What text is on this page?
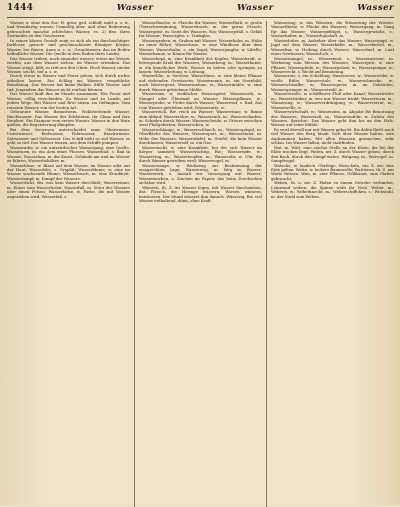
1444	Wasser	Wasser	Wasser

Wasser u. ohne den Zus. H. grün, geil, schlaff, matt u. s. w., und fremdartig wasser. Unmaßig aber, und ohne Bedeutung gebrauchen manche schlechtes Wasser, es. 2) Bez. ihres Zustandes an den Gewässern.

In seiner klaren Gestalt zeigt es sich als ein durchsichtiger, farbloser, geruch- und geschmackloser flüssiger Körper. Wasser, bei Rasen, Auen u. s. w.; Grundwasser, das im Boden befindliche Wasser. Die Quelle in dem Boden ihres Laufes.

Das Wasser trüben, nach einander wasser; etwas ins Wasser werfen, aus dem Wasser ziehen, im Wasser ertrinken. Das Wasser steigt, fällt; es tritt aus den Ufern. Hoch Wasser, nieder Wasser, seicht, tief u. s. w.

Durch etwas in Wasser und Feuer gehen, sich durch nichts abhalten lassen. Ein Schlag ins Wasser, vergebliche Bemühung. Das Wasser hat keine Balken. Stille Wasser sind tief. Jemandem das Wasser nicht reichen können.

Das Wasser läuft ihm im Munde zusammen. Wie Feuer und Wasser, völlig verschieden. Zu Wasser und zu Lande, auf jedem Wege. Bei Wasser und Brot sitzen, im Gefängnis. Vom reinsten Wasser, von der besten Art.

Gebrannte Wasser, Branntwein. Wohlriechende Wasser, Riechwasser. Das Wasser der Edelsteine, ihr Glanz und ihre Reinheit. Ein Diamant vom ersten Wasser. Wasser in den Wein gießen, die Begeisterung dämpfen.

Bei dem Seewesen unterscheidet man: Oberwasser, Unterwasser, Kielwasser, Fahrwasser, Brackwasser, Salzwasser und Süßwasser. Das Schiff zieht so viel Wasser, es geht so tief. Das Wasser lenzen, aus dem Schiffe pumpen.

Wasserader, w. ein unterirdischer Wassergang, eine Quelle; Wasserarm, m. ein Arm eines Flusses; Wasserbad, s. Bad in Wasser; Wasserbau, m. die Kunst, Gebäude am und im Wasser zu führen; Wasserbehälter, m.

Wasserblase, w. Blase auf dem Wasser, im Wasser oder auf der Haut; Wasserblei, s. Graphit; Wasserblume, w. eine im Wasser wachsende Blume; Wasserbruch, m. eine Krankheit; Wasserdampf, m. Dampf des Wassers.

Wasserdicht, Bw. was kein Wasser durchläßt; Wassereimer, m. Eimer zum Wasserholen; Wasserfall, m. Sturz des Wassers über einen Felsen; Wasserfarbe, w. Farbe, die mit Wasser angerieben wird; Wasserfaß, s.

Wasserflasche, w. Flasche für Wasser; Wasserfluth, w. große Überschwemmung; Wasserfrosch, m. der grüne Frosch; Wassergeist, m. Geist des Wassers, Nix; Wassergefäß, s. Gefäß für Wasser; Wasserglas, s. Trinkglas.

Wassergraben, m. Graben mit Wasser; Wasserhahn, m. Hahn an einer Röhre; Wasserhose, w. eine Windhose über dem Wasser; Wasserhuhn, s. ein Vogel; Wasserjungfer, w. Libelle; Wasserkanne, w. Kanne für Wasser.

Wasserkopf, m. eine Krankheit des Kopfes; Wasserkraft, w. bewegende Kraft des Wassers; Wasserkrug, m.; Wasserkunst, w. ein künstliches Werk, Wasser zu heben oder springen zu lassen; Wasserleitung, w. Leitung.

Wasserlilie, w. Seerose; Wasserlinse, w. eine kleine Pflanze auf stehenden Gewässern; Wassermann, m. ein Sternbild, auch Wassergeist; Wassermelone, w.; Wassermühle, w. eine durch Wasser getriebene Mühle.

Wassernixe, w. weiblicher Wassergeist; Wassernoth, w. Mangel oder Übermaß an Wasser; Wasserpflanze, w.; Wasserprobe, w. Probe durch Wasser; Wasserrad, s. Rad, das vom Wasser getrieben wird; Wasserratte, w.

Wasserreich, Bw. reich an Wasser; Wasserrinne, w. Rinne zum Ablauf; Wasserröhre, w.; Wassersack, m.; Wasserschaden, m. Schaden durch Wasser; Wasserscheide, w. Grenze zwischen zwei Flußgebieten; Wasserscheu, w.

Wasserschlange, w.; Wasserschlauch, m.; Wasserspiegel, m. Oberfläche des Wassers; Wassersport, m.; Wasserstand, m. Höhe des Wassers; Wasserstiefel, m. Stiefel, die kein Wasser durchlassen; Wasserstoff, m. ein Gas.

Wassersucht, w. eine Krankheit, bei der sich Wasser im Körper sammelt; Wassersüchtig, Bw.; Wassertiefe, w.; Wassertrog, m.; Wassertropfen, m.; Wasseruhr, w. Uhr, die durch Wasser getrieben wird; Wasservogel, m.

Wasserwaage, w. Werkzeug zur Bestimmung der waagrechten Lage; Wasserweg, m. Weg zu Wasser; Wasserwerk, s. Anstalt zur Versorgung mit Wasser; Wasserzeichen, s. Zeichen im Papier, das beim Durchsehen sichtbar wird.

Wässern, th. Z. ins Wasser legen, mit Wasser durchziehen; das Fleisch, die Heringe wässern; Wiesen wässern, bewässern. Der Mund wässert ihm danach. Wässerig, Bw. viel Wasser enthaltend, dünn, ohne Kraft.

Wässerung, w. das Wässern; die Wässerung der Wiesen. Wasserfläche, w. Fläche des Wassers; Wassergang, m. Gang für das Wasser; Wassergeflügel, s.; Wassergewächs, s.; Wasserhalter, m.; Wasserhaushalt, m.

Wasserhüter, m. Aufseher über das Wasser; Wasserjagd, w. Jagd auf dem Wasser; Wasserkäfer, m.; Wasserkessel, m.; Wasserkur, w. Heilung durch Wasser; Wasserlauf, m. Lauf eines Gewässers; Wasserloch, s.

Wassermangel, m.; Wassermaß, s.; Wassermesser, m. Werkzeug zum Messen des Wassers; Wasserpest, w. eine Pflanze; Wasserpfeife, w.; Wasserpolizei, w.; Wasserpumpe, w.; Wasserrecht, s. Recht auf Benutzung.

Wasserreis, s. ein Schößling; Wasserrose, w.; Wasserrübe, w. weiße Rübe; Wassersäule, w.; Wasserschnecke, w.; Wasserschwalbe, w.; Wasserspeier, m. an Gebäuden; Wasserspringer, m.; Wasserstrahl, m.

Wasserstraße, w. schiffbarer Fluß oder Kanal; Wassertreter, m.; Wassertrinker, m. wer nur Wasser trinkt; Wasserturm, m.; Wasserung, w.; Wasserverdrängung, w.; Wasservorrat, m.; Wasserwelle, w.

Wasserwirtschaft, w.; Wasserzins, m. Abgabe für Benutzung des Wassers; Wasserzoll, m.; Wasserzufuhr, w. Zufuhr des Wassers. Sprichw.: Das Wasser geht ihm bis an den Hals. Wasser auf seine Mühle.

Es wird überall nur mit Wasser gekocht. Bis dahin fließt noch viel Wasser den Berg hinab. Sich über Wasser halten, sein Auskommen haben. Mit allen Wassern gewaschen, sehr schlau. Ins Wasser fallen, nicht stattfinden.

Wat, m. Watt, eine seichte Stelle an der Küste, die bei der Ebbe trocken liegt. Waten, ntr. Z. durch Wasser gehen; durch den Bach, durch den Sumpf waten. Watgang, m.; Watvogel, m. Sumpfvogel.

Watsche, w. landsch. Ohrfeige. Watscheln, ntr. Z. wie eine Ente gehen. Watte, w. lockere Baumwolle; Wattieren, th. Z. mit Watte füttern. Wau, m. eine Pflanze, Gelbkraut, zum Färben gebraucht.

Weben, th. u. ntr. Z. Fäden zu einem Gewebe verbinden; Leinwand weben; die Spinne webt ihr Netz. Weber, m.; Weberei, w.; Weberknecht, m.; Weberschiffchen, s.; Webstuhl, m. der Stuhl zum Weben.
